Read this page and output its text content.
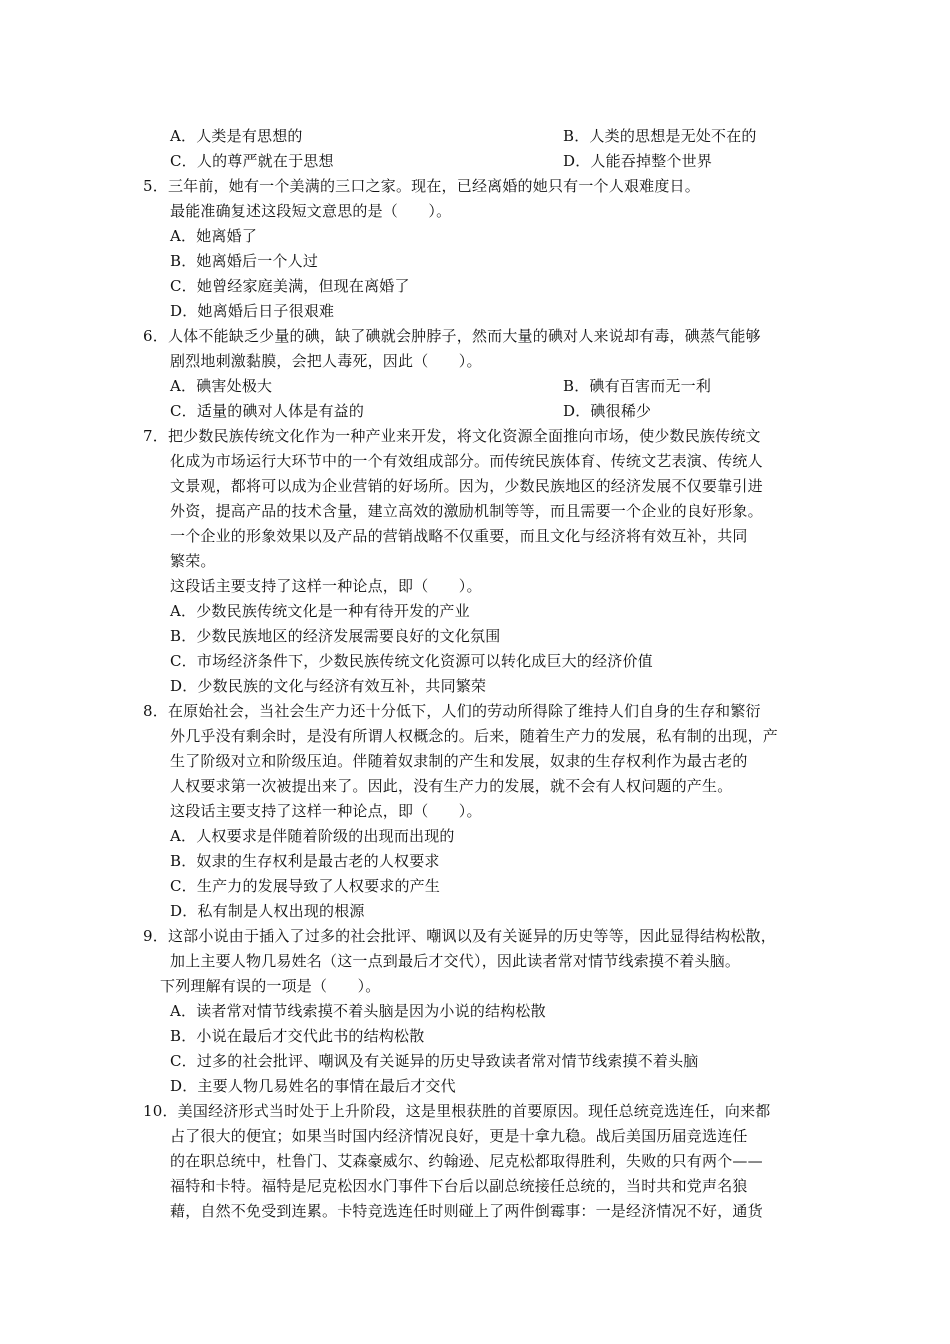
A．人类是有思想的	B．人类的思想是无处不在的
C．人的尊严就在于思想	D．人能吞掉整个世界
5．三年前，她有一个美满的三口之家。现在，已经离婚的她只有一个人艰难度日。
最能准确复述这段短文意思的是（　　）。
A．她离婚了
B．她离婚后一个人过
C．她曾经家庭美满，但现在离婚了
D．她离婚后日子很艰难
6．人体不能缺乏少量的碘，缺了碘就会肿脖子，然而大量的碘对人来说却有毒，碘蒸气能够
剧烈地刺激黏膜，会把人毒死，因此（　　）。
A．碘害处极大	B．碘有百害而无一利
C．适量的碘对人体是有益的	D．碘很稀少
7．把少数民族传统文化作为一种产业来开发，将文化资源全面推向市场，使少数民族传统文
化成为市场运行大环节中的一个有效组成部分。而传统民族体育、传统文艺表演、传统人
文景观，都将可以成为企业营销的好场所。因为，少数民族地区的经济发展不仅要靠引进
外资，提高产品的技术含量，建立高效的激励机制等等，而且需要一个企业的良好形象。
一个企业的形象效果以及产品的营销战略不仅重要，而且文化与经济将有效互补，共同
繁荣。
这段话主要支持了这样一种论点，即（　　）。
A．少数民族传统文化是一种有待开发的产业
B．少数民族地区的经济发展需要良好的文化氛围
C．市场经济条件下，少数民族传统文化资源可以转化成巨大的经济价值
D．少数民族的文化与经济有效互补，共同繁荣
8．在原始社会，当社会生产力还十分低下，人们的劳动所得除了维持人们自身的生存和繁衍
外几乎没有剩余时，是没有所谓人权概念的。后来，随着生产力的发展，私有制的出现，产
生了阶级对立和阶级压迫。伴随着奴隶制的产生和发展，奴隶的生存权利作为最古老的
人权要求第一次被提出来了。因此，没有生产力的发展，就不会有人权问题的产生。
这段话主要支持了这样一种论点，即（　　）。
A．人权要求是伴随着阶级的出现而出现的
B．奴隶的生存权利是最古老的人权要求
C．生产力的发展导致了人权要求的产生
D．私有制是人权出现的根源
9．这部小说由于插入了过多的社会批评、嘲讽以及有关诞异的历史等等，因此显得结构松散，
加上主要人物几易姓名（这一点到最后才交代），因此读者常对情节线索摸不着头脑。
下列理解有误的一项是（　　）。
A．读者常对情节线索摸不着头脑是因为小说的结构松散
B．小说在最后才交代此书的结构松散
C．过多的社会批评、嘲讽及有关诞异的历史导致读者常对情节线索摸不着头脑
D．主要人物几易姓名的事情在最后才交代
10．美国经济形式当时处于上升阶段，这是里根获胜的首要原因。现任总统竞选连任，向来都
占了很大的便宜；如果当时国内经济情况良好，更是十拿九稳。战后美国历届竞选连任
的在职总统中，杜鲁门、艾森豪威尔、约翰逊、尼克松都取得胜利，失败的只有两个——
福特和卡特。福特是尼克松因水门事件下台后以副总统接任总统的，当时共和党声名狼
藉，自然不免受到连累。卡特竞选连任时则碰上了两件倒霉事：一是经济情况不好，通货
